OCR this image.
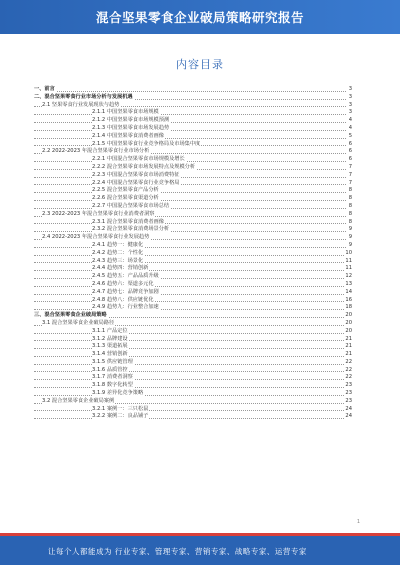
混合坚果零食企业破局策略研究报告
内容目录
一、前言	3
二、混合坚果零食行业市场分析与发展机遇	3
2.1 坚果零食行业发展现状与趋势	3
2.1.1 中国坚果零食市场规模	3
2.1.2 中国坚果零食市场规模预测	4
2.1.3 中国坚果零食市场发展趋势	4
2.1.4 中国坚果零食消费者画像	5
2.1.5 中国坚果零食行业竞争格局及市场集中度	6
2.2 2022-2023 年混合坚果零食行业市场分析	6
2.2.1 中国混合坚果零食市场规模及增长	6
2.2.2 混合坚果零食市场发展特点及规模分析	7
2.2.3 中国混合坚果零食市场消费特征	7
2.2.4 中国混合坚果零食行业竞争格局	7
2.2.5 混合坚果零食产品分析	8
2.2.6 混合坚果零食渠道分析	8
2.2.7 中国混合坚果零食市场总结	8
2.3 2022-2023 年混合坚果零食行业消费者洞察	8
2.3.1 混合坚果零食消费者画像	8
2.3.2 混合坚果零食消费场景分析	9
2.4 2022-2023 年混合坚果零食行业发展趋势	9
2.4.1 趋势一：健康化	9
2.4.2 趋势二：个性化	10
2.4.3 趋势三：场景化	11
2.4.4 趋势四：营销创新	11
2.4.5 趋势五：产品品质升级	12
2.4.6 趋势六：渠道多元化	13
2.4.7 趋势七：品牌竞争加剧	14
2.4.8 趋势八：供应链优化	16
2.4.9 趋势九：行业整合加速	18
三、混合坚果零食企业破局策略	20
3.1 混合坚果零食企业破局路径	20
3.1.1 产品定位	20
3.1.2 品牌建设	21
3.1.3 渠道拓展	21
3.1.4 营销创新	21
3.1.5 供应链管理	22
3.1.6 品质管控	22
3.1.7 消费者洞察	22
3.1.8 数字化转型	23
3.1.9 差异化竞争策略	23
3.2 混合坚果零食企业破局案例	23
3.2.1 案例一：三只松鼠	24
3.2.2 案例二：良品铺子	24
1
让每个人都能成为 行业专家、管理专家、营销专家、战略专家、运营专家
